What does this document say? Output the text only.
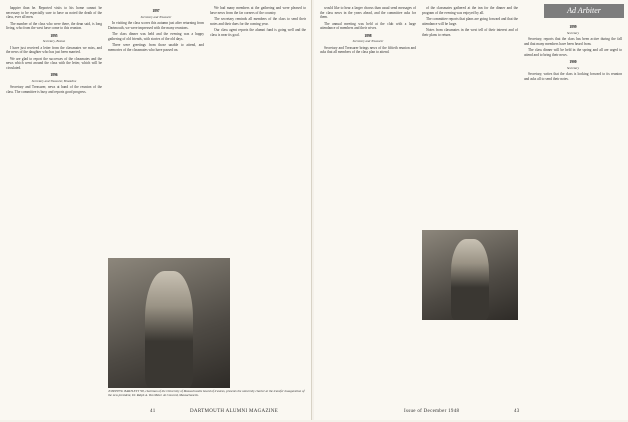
happier than he. Reported visits to his home cannot be necessary to be especially sure to have us noted the death of the class, ever all men.

The number of the class who were there, the dean said, is long living, who from the west have come to this reunion.

1895
Secretary, Boston

I have just received a letter from the classmates we miss, and the news of the daughter who has just been married.

We are glad to report the successes of the classmates and the news which went around the class with the letter, which will be circulated.

1896
Secretary and Treasurer, Brookline

Secretary and Treasurer, news at hand of the reunion of the class. The committee is busy and reports good progress.

1897
Secretary and Treasurer

In visiting the class scores this autumn just after returning from Dartmouth, we were impressed with the many reunions.

The class dinner was held and the evening was a happy gathering of old friends, with stories of the old days.

There were greetings from those unable to attend, and memories of the classmates who have passed on.

We had many members at the gathering and were pleased to have news from the far corners of the country.

The secretary reminds all members of the class to send their notes and their dues for the coming year.

Our class agent reports the alumni fund is going well and the class is near its goal.

JOSEPH W. BARTLETT '98, chairman of the University of Massachusetts board of trustees, presents the university charter at the transfer inauguration of the new president, Dr. Ralph A. Van Meter. At Concord, Massachusetts.
41	DARTMOUTH ALUMNI MAGAZINE
Ad Arbiter

would like to hear a larger chorus than usual send messages of the class news in the years ahead, and the committee asks for them.

The annual meeting was held at the club with a large attendance of members and their wives.

1898
Secretary and Treasurer

Secretary and Treasurer brings news of the fiftieth reunion and asks that all members of the class plan to attend.

of the classmates gathered at the inn for the dinner and the program of the evening was enjoyed by all.

The committee reports that plans are going forward and that the attendance will be large.

Notes from classmates in the west tell of their interest and of their plans to return.

1899
Secretary

Secretary, reports that the class has been active during the fall and that many members have been heard from.

The class dinner will be held in the spring and all are urged to attend and to bring their news.

1900
Secretary

Secretary, writes that the class is looking forward to its reunion and asks all to send their notes.

Issue of December 1948	43
